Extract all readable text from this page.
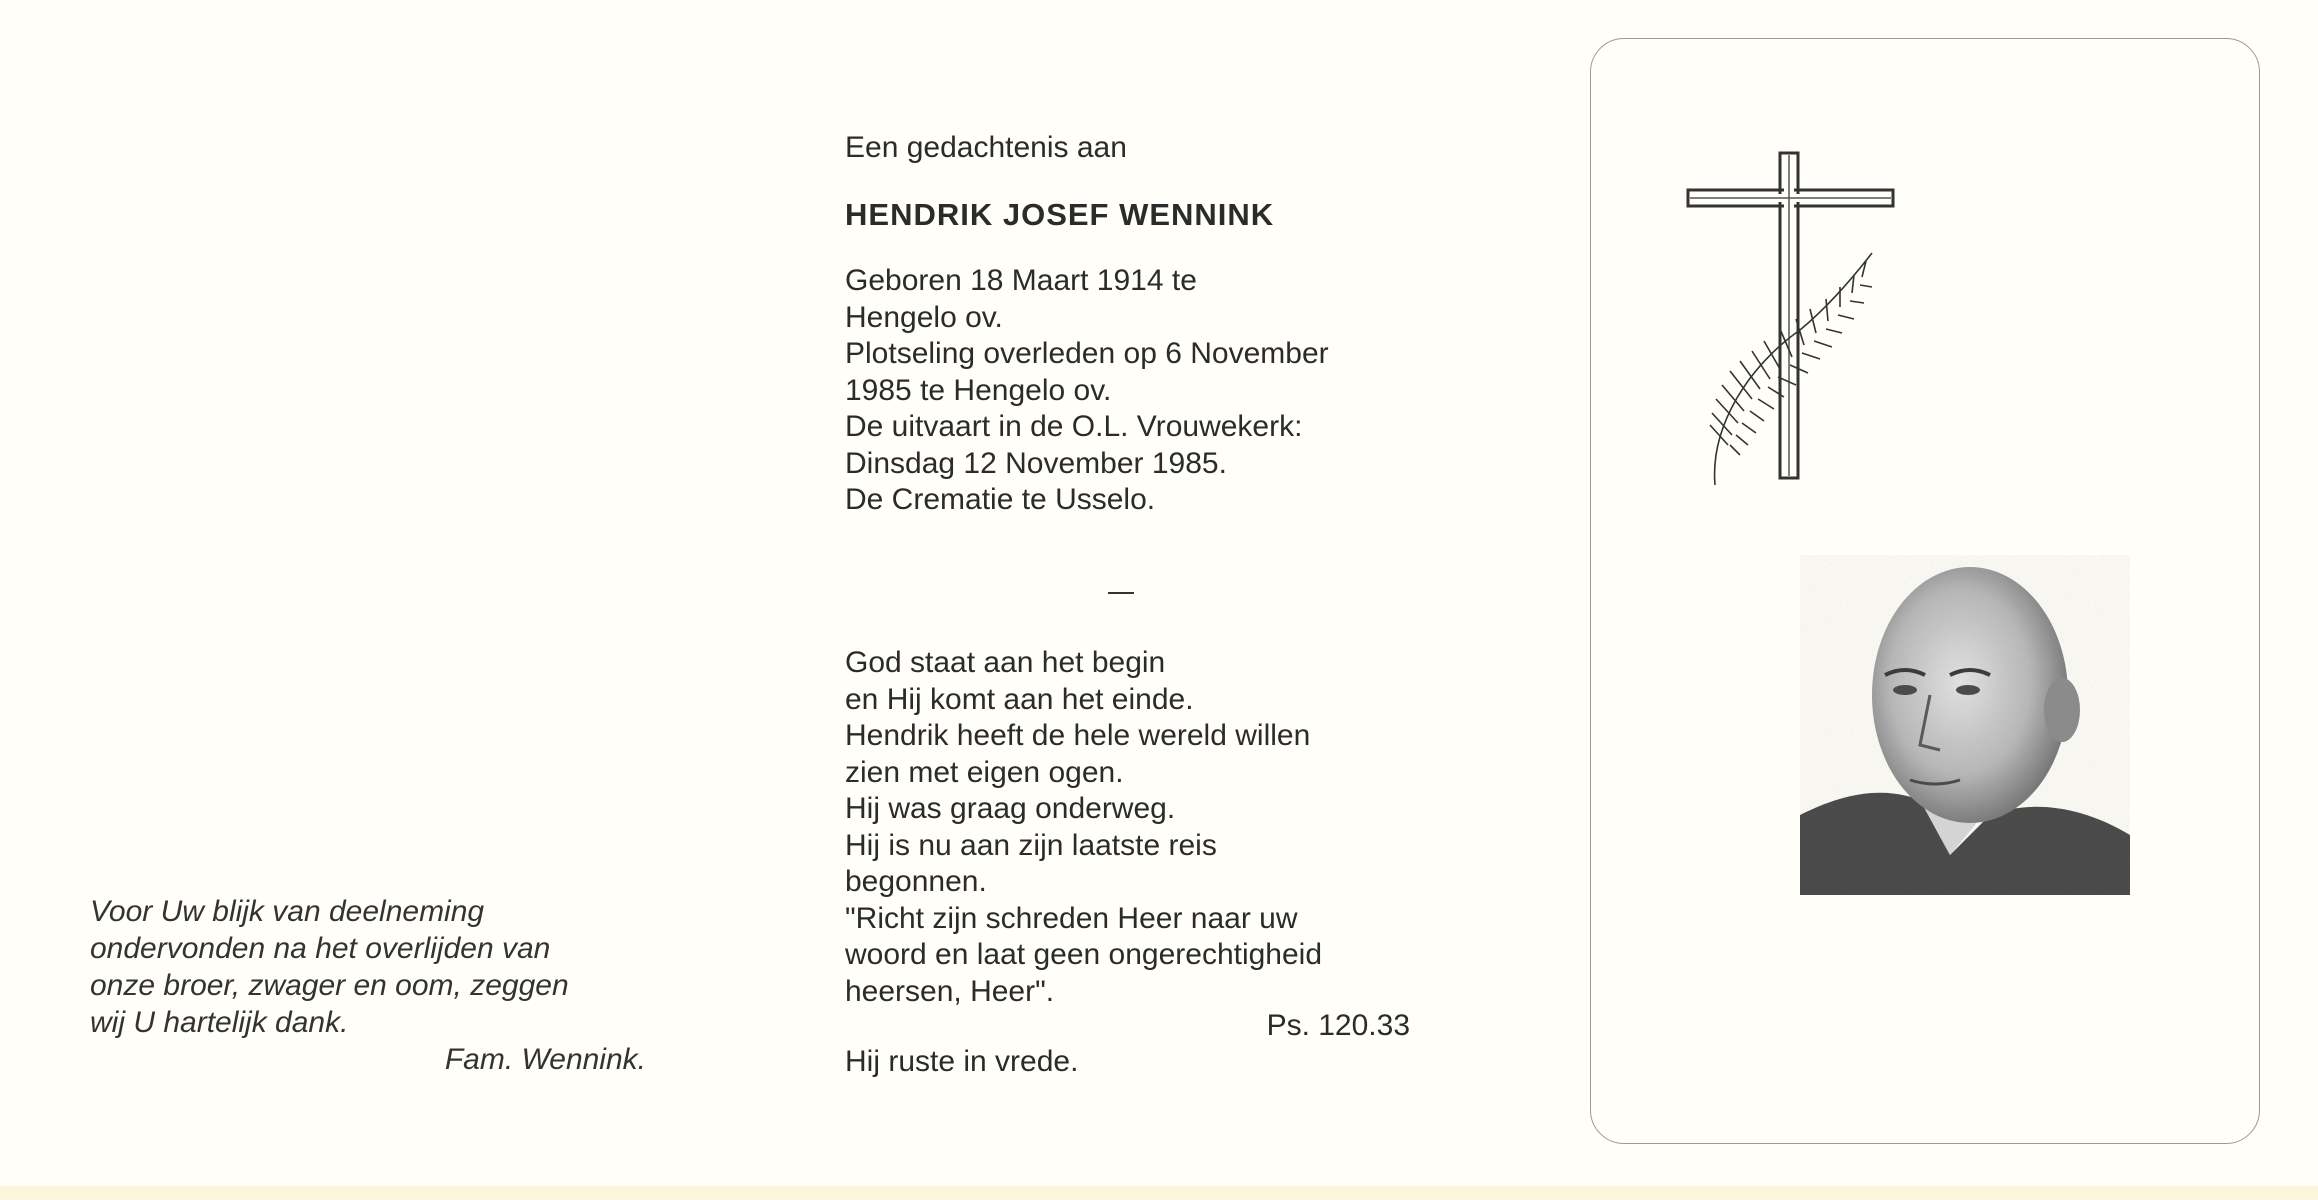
Voor Uw blijk van deelneming
ondervonden na het overlijden van
onze broer, zwager en oom, zeggen
wij U hartelijk dank.
Fam. Wennink.
Een gedachtenis aan
HENDRIK JOSEF WENNINK
Geboren 18 Maart 1914 te
Hengelo ov.
Plotseling overleden op 6 November
1985 te Hengelo ov.
De uitvaart in de O.L. Vrouwekerk:
Dinsdag 12 November 1985.
De Crematie te Usselo.
God staat aan het begin
en Hij komt aan het einde.
Hendrik heeft de hele wereld willen
zien met eigen ogen.
Hij was graag onderweg.
Hij is nu aan zijn laatste reis
begonnen.
"Richt zijn schreden Heer naar uw
woord en laat geen ongerechtigheid
heersen, Heer".
Ps. 120.33
Hij ruste in vrede.
